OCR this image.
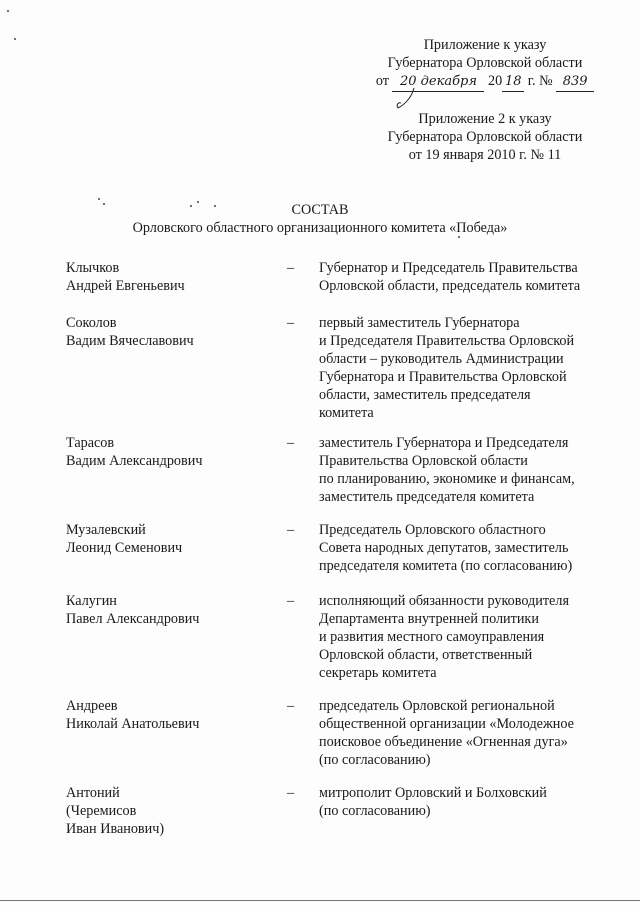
Приложение к указу
Губернатора Орловской области
от 20 декабря 20 18 г. № 839
Приложение 2 к указу
Губернатора Орловской области
от 19 января 2010 г. № 11
СОСТАВ
Орловского областного организационного комитета «Победа»
Клычков
Андрей Евгеньевич
–	Губернатор и Председатель Правительства
Орловской области, председатель комитета
Соколов
Вадим Вячеславович
–	первый заместитель Губернатора
и Председателя Правительства Орловской
области – руководитель Администрации
Губернатора и Правительства Орловской
области, заместитель председателя
комитета
Тарасов
Вадим Александрович
–	заместитель Губернатора и Председателя
Правительства Орловской области
по планированию, экономике и финансам,
заместитель председателя комитета
Музалевский
Леонид Семенович
–	Председатель Орловского областного
Совета народных депутатов, заместитель
председателя комитета (по согласованию)
Калугин
Павел Александрович
–	исполняющий обязанности руководителя
Департамента внутренней политики
и развития местного самоуправления
Орловской области, ответственный
секретарь комитета
Андреев
Николай Анатольевич
–	председатель Орловской региональной
общественной организации «Молодежное
поисковое объединение «Огненная дуга»
(по согласованию)
Антоний
(Черемисов
Иван Иванович)
–	митрополит Орловский и Болховский
(по согласованию)
